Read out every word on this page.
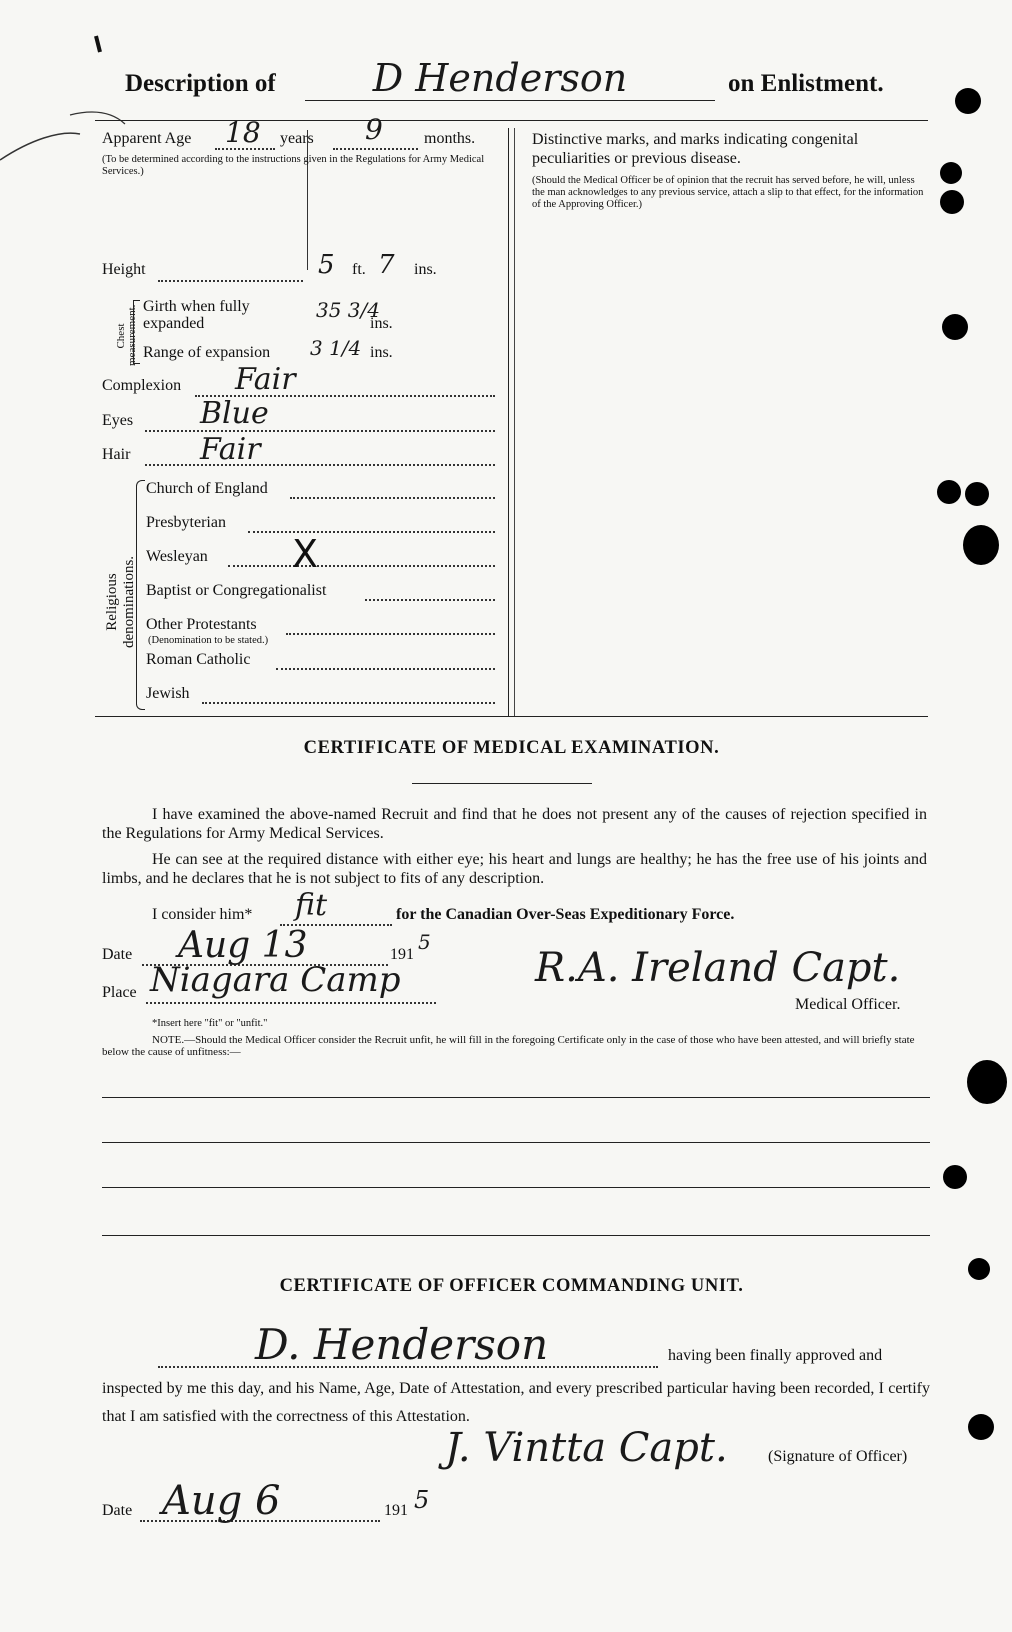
Description of	D Henderson	on Enlistment.
Apparent Age 18 years 9	months.
(To be determined according to the instructions given in the Regulations for Army Medical Services.)
Height	5 ft. 7 ins.
Chest measurement. Girth when fully expanded
35 3/4
ins.
Range of expansion 3 1/4 ins.
Complexion Fair
Eyes Blue
Hair Fair
Religious denominations.
Church of England
Presbyterian
Wesleyan X
Baptist or Congregationalist
Other Protestants
(Denomination to be stated.)
Roman Catholic
Jewish
Distinctive marks, and marks indicating congenital peculiarities or previous disease.
(Should the Medical Officer be of opinion that the recruit has served before, he will, unless the man acknowledges to any previous service, attach a slip to that effect, for the information of the Approving Officer.)
CERTIFICATE OF MEDICAL EXAMINATION.
I have examined the above-named Recruit and find that he does not present any of the causes of rejection specified in the Regulations for Army Medical Services.
He can see at the required distance with either eye; his heart and lungs are healthy; he has the free use of his joints and limbs, and he declares that he is not subject to fits of any description.
I consider him* fit	for the Canadian Over-Seas Expeditionary Force.
Date Aug 13	191
5
Place Niagara Camp	R.A. Ireland Capt.
Medical Officer.
*Insert here "fit" or "unfit."
NOTE.—Should the Medical Officer consider the Recruit unfit, he will fill in the foregoing Certificate only in the case of those who have been attested, and will briefly state below the cause of unfitness:—
CERTIFICATE OF OFFICER COMMANDING UNIT.
D. Henderson	having been finally approved and
inspected by me this day, and his Name, Age, Date of Attestation, and every prescribed particular having been recorded, I certify that I am satisfied with the correctness of this Attestation.
J. Vintta Capt.	(Signature of Officer)
Date Aug 6	191 5
